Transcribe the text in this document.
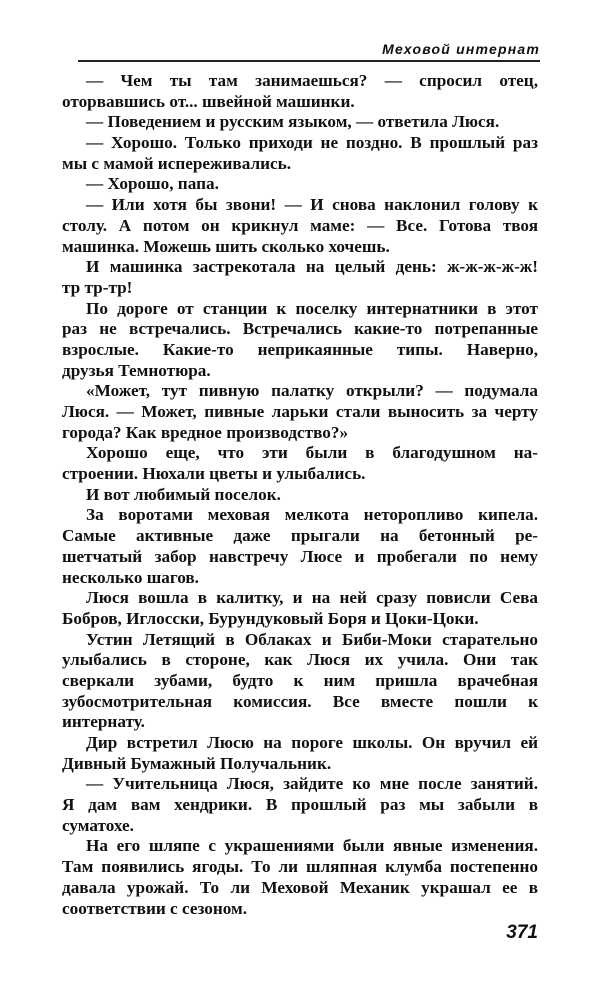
Меховой интернат
— Чем ты там занимаешься? — спросил отец,
оторвавшись от... швейной машинки.
— Поведением и русским языком, — ответила Люся.
— Хорошо. Только приходи не поздно. В прошлый раз
мы с мамой испереживались.
— Хорошо, папа.
— Или хотя бы звони! — И снова наклонил голову к
столу. А потом он крикнул маме: — Все. Готова твоя
машинка. Можешь шить сколько хочешь.
И машинка застрекотала на целый день: ж-ж-ж-ж-ж!
тр тр-тр!
По дороге от станции к поселку интернатники в этот
раз не встречались. Встречались какие-то потрепанные
взрослые. Какие-то неприкаянные типы. Наверно,
друзья Темнотюра.
«Может, тут пивную палатку открыли? — подумала
Люся. — Может, пивные ларьки стали выносить за черту
города? Как вредное производство?»
Хорошо еще, что эти были в благодушном на-
строении. Нюхали цветы и улыбались.
И вот любимый поселок.
За воротами меховая мелкота неторопливо кипела.
Самые активные даже прыгали на бетонный ре-
шетчатый забор навстречу Люсе и пробегали по нему
несколько шагов.
Люся вошла в калитку, и на ней сразу повисли Сева
Бобров, Иглосски, Бурундуковый Боря и Цоки-Цоки.
Устин Летящий в Облаках и Биби-Моки старательно
улыбались в стороне, как Люся их учила. Они так
сверкали зубами, будто к ним пришла врачебная
зубосмотрительная комиссия. Все вместе пошли к
интернату.
Дир встретил Люсю на пороге школы. Он вручил ей
Дивный Бумажный Получальник.
— Учительница Люся, зайдите ко мне после занятий.
Я дам вам хендрики. В прошлый раз мы забыли в
суматохе.
На его шляпе с украшениями были явные изменения.
Там появились ягоды. То ли шляпная клумба постепенно
давала урожай. То ли Меховой Механик украшал ее в
соответствии с сезоном.
371
